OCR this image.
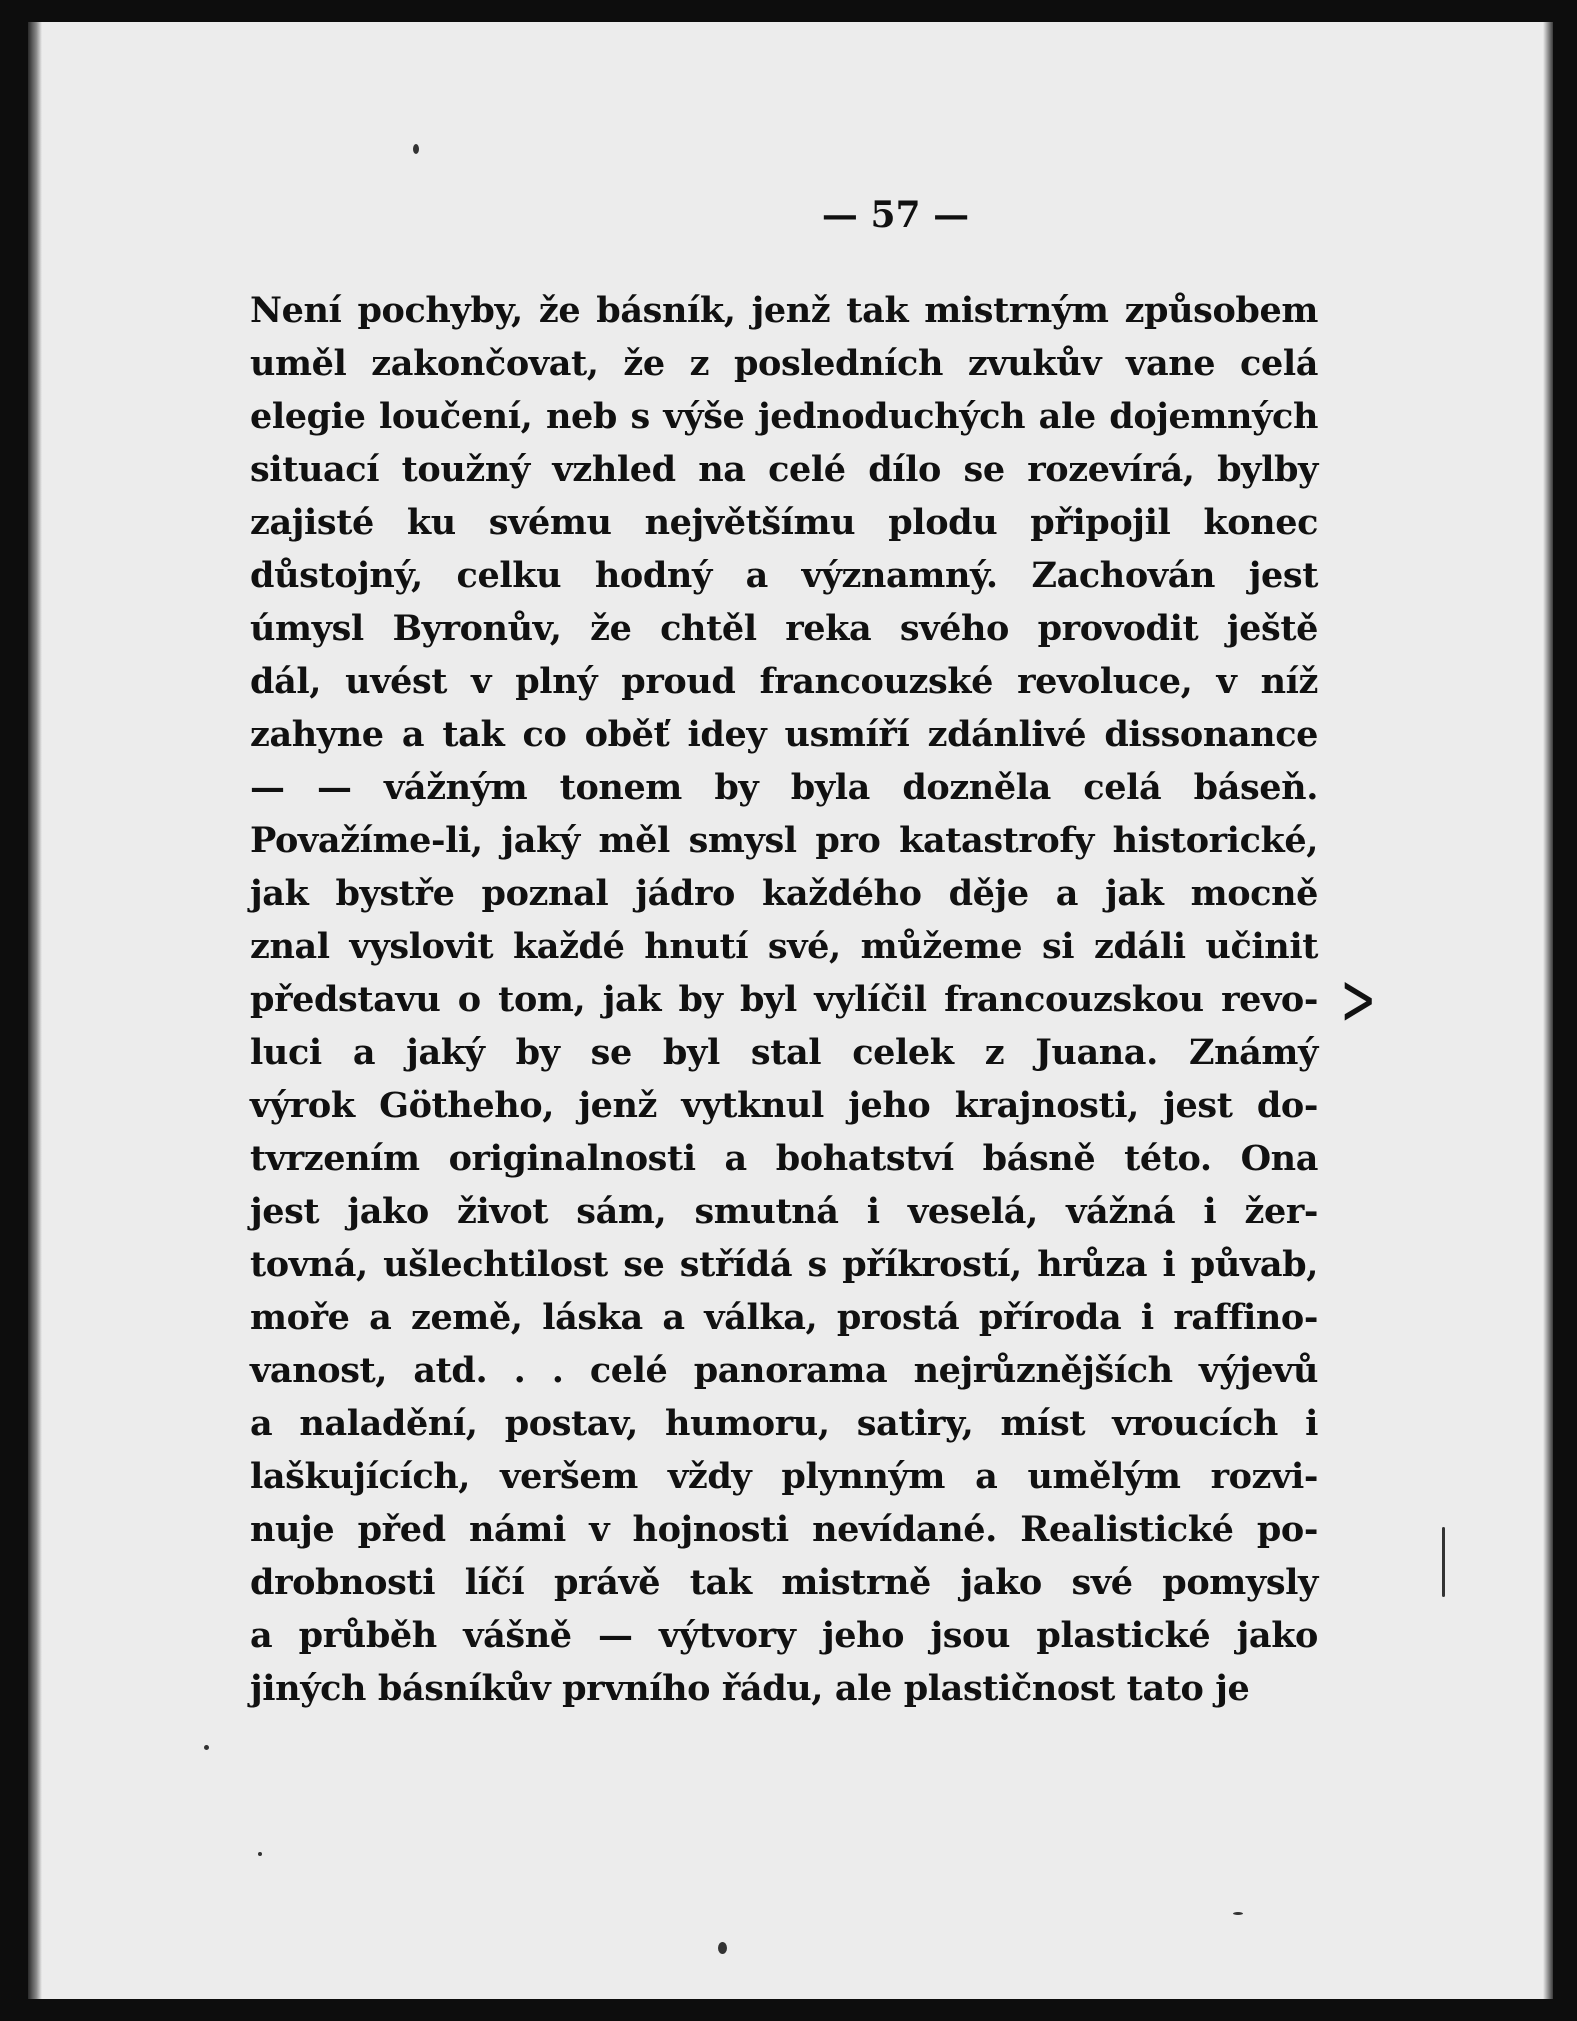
— 57 —
Není pochyby, že básník, jenž tak mistrným způsobem
uměl zakončovat, že z posledních zvukův vane celá
elegie loučení, neb s výše jednoduchých ale dojemných
situací toužný vzhled na celé dílo se rozevírá, bylby
zajisté ku svému největšímu plodu připojil konec
důstojný, celku hodný a významný. Zachován jest
úmysl Byronův, že chtěl reka svého provodit ještě
dál, uvést v plný proud francouzské revoluce, v níž
zahyne a tak co oběť idey usmíří zdánlivé dissonance
— — vážným tonem by byla dozněla celá báseň.
Považíme-li, jaký měl smysl pro katastrofy historické,
jak bystře poznal jádro každého děje a jak mocně
znal vyslovit každé hnutí své, můžeme si zdáli učinit
představu o tom, jak by byl vylíčil francouzskou revo-
luci a jaký by se byl stal celek z Juana. Známý
výrok Götheho, jenž vytknul jeho krajnosti, jest do-
tvrzením originalnosti a bohatství básně této. Ona
jest jako život sám, smutná i veselá, vážná i žer-
tovná, ušlechtilost se střídá s příkrostí, hrůza i půvab,
moře a země, láska a válka, prostá příroda i raffino-
vanost, atd. . . celé panorama nejrůznějších výjevů
a naladění, postav, humoru, satiry, míst vroucích i
laškujících, veršem vždy plynným a umělým rozvi-
nuje před námi v hojnosti nevídané. Realistické po-
drobnosti líčí právě tak mistrně jako své pomysly
a průběh vášně — výtvory jeho jsou plastické jako
jiných básníkův prvního řádu, ale plastičnost tato je
>
